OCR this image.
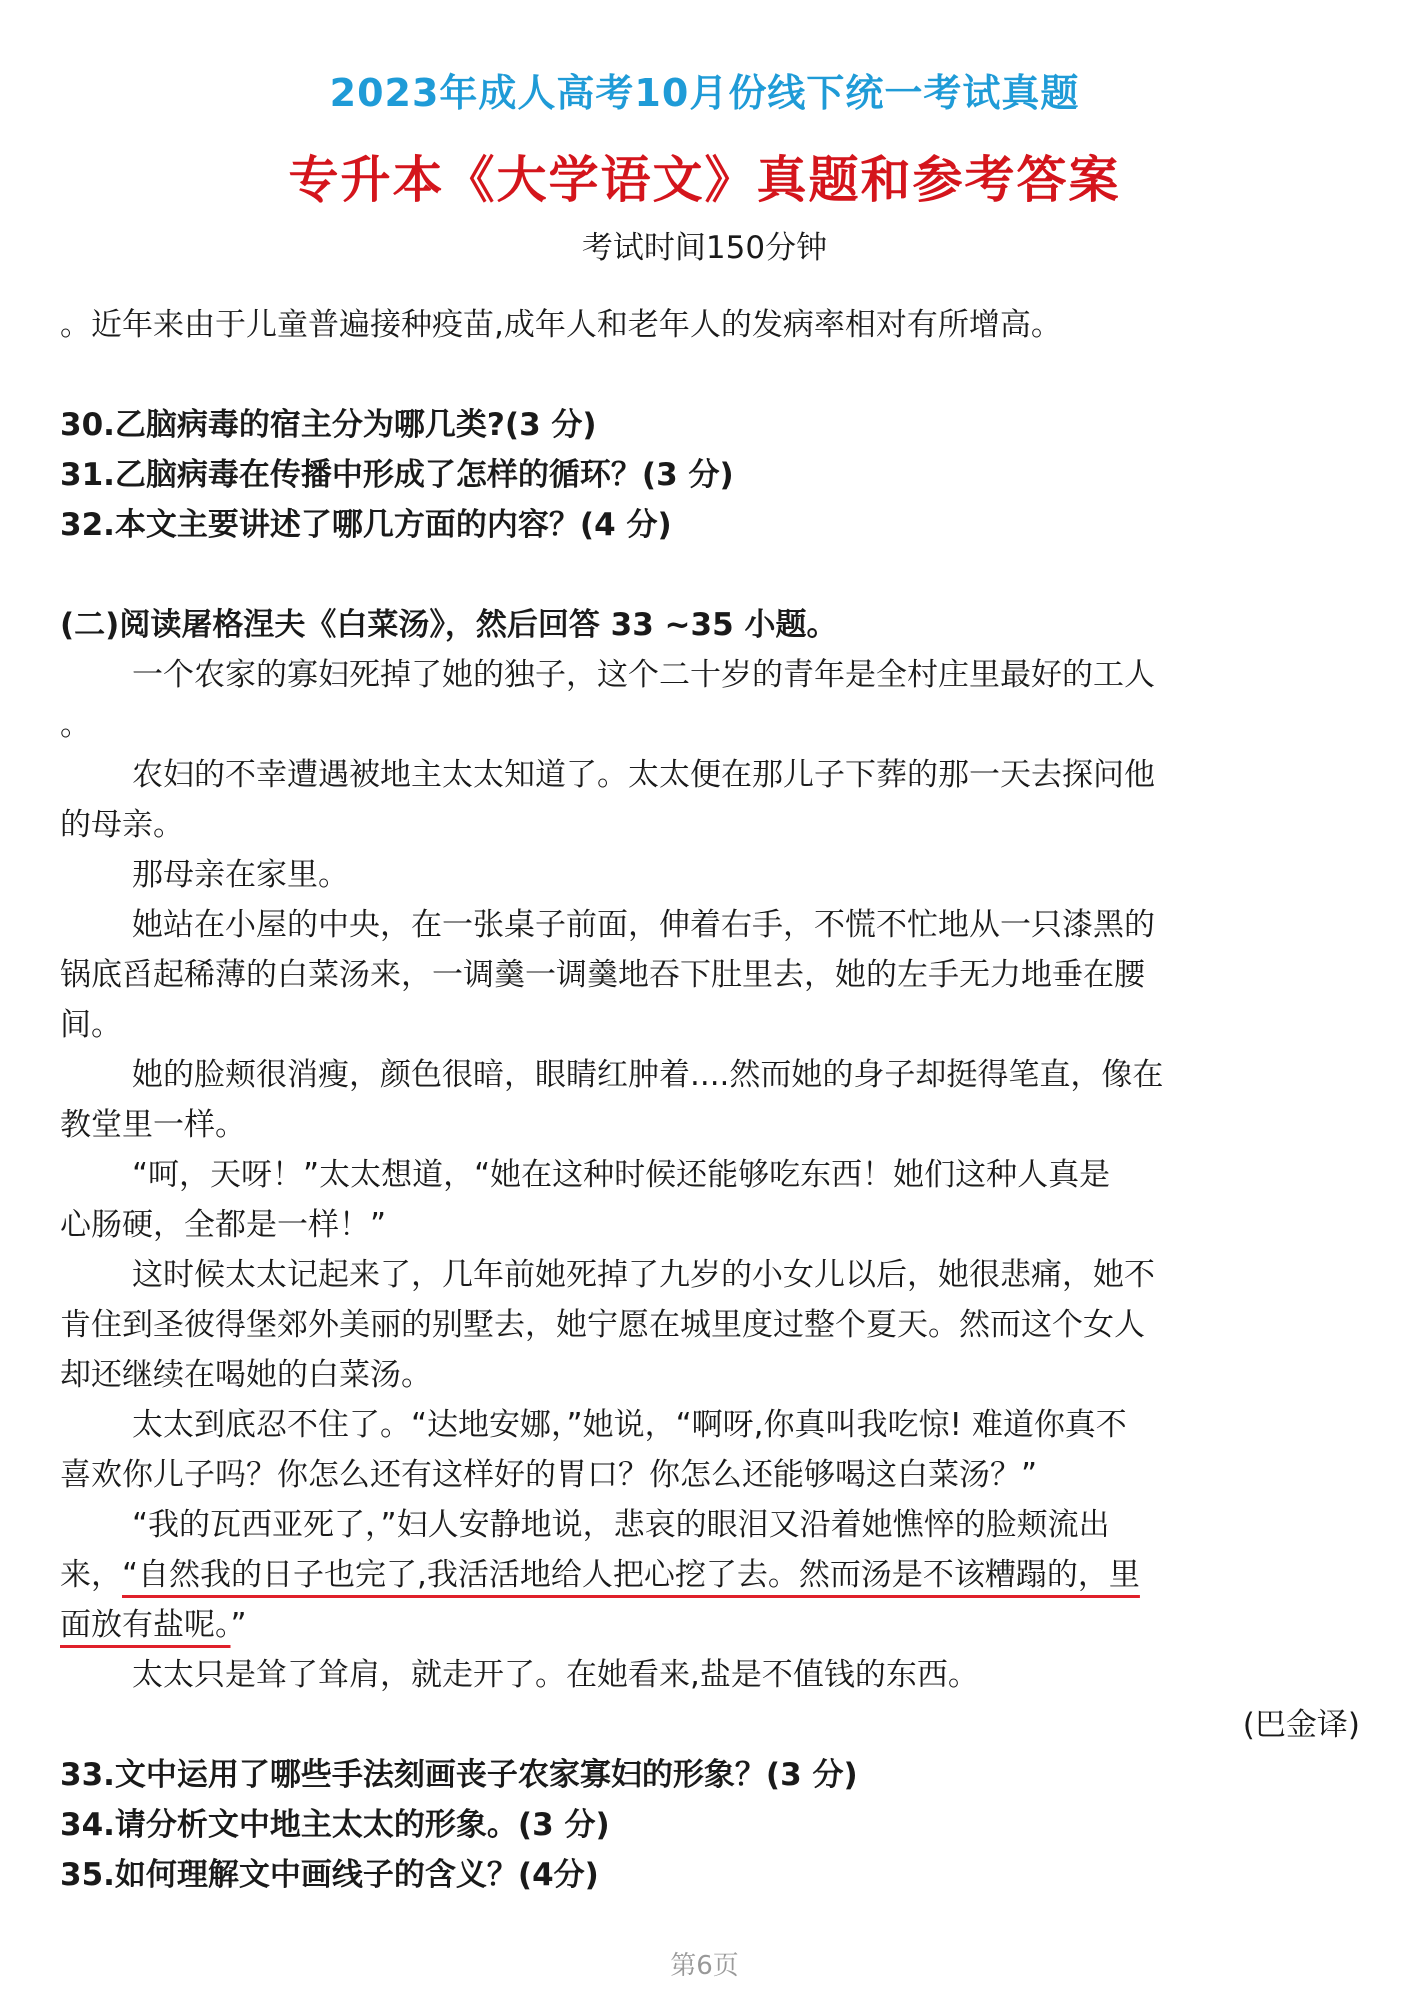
2023年成人高考10月份线下统一考试真题
专升本《大学语文》真题和参考答案
考试时间150分钟
。近年来由于儿童普遍接种疫苗,成年人和老年人的发病率相对有所增高。
30.乙脑病毒的宿主分为哪几类?(3 分)
31.乙脑病毒在传播中形成了怎样的循环？(3 分)
32.本文主要讲述了哪几方面的内容？(4 分)
(二)阅读屠格涅夫《白菜汤》，然后回答 33 ~35 小题。
一个农家的寡妇死掉了她的独子，这个二十岁的青年是全村庄里最好的工人
。
农妇的不幸遭遇被地主太太知道了。太太便在那儿子下葬的那一天去探问他
的母亲。
那母亲在家里。
她站在小屋的中央，在一张桌子前面，伸着右手，不慌不忙地从一只漆黑的
锅底舀起稀薄的白菜汤来，一调羹一调羹地吞下肚里去，她的左手无力地垂在腰
间。
她的脸颊很消瘦，颜色很暗，眼睛红肿着....然而她的身子却挺得笔直，像在
教堂里一样。
“呵，天呀！”太太想道，“她在这种时候还能够吃东西！她们这种人真是
心肠硬，全都是一样！”
这时候太太记起来了，几年前她死掉了九岁的小女儿以后，她很悲痛，她不
肯住到圣彼得堡郊外美丽的别墅去，她宁愿在城里度过整个夏天。然而这个女人
却还继续在喝她的白菜汤。
太太到底忍不住了。“达地安娜，”她说，“啊呀,你真叫我吃惊! 难道你真不
喜欢你儿子吗？你怎么还有这样好的胃口？你怎么还能够喝这白菜汤？”
“我的瓦西亚死了，”妇人安静地说，悲哀的眼泪又沿着她憔悴的脸颊流出
来，“自然我的日子也完了,我活活地给人把心挖了去。然而汤是不该糟蹋的，里
面放有盐呢。”
太太只是耸了耸肩，就走开了。在她看来,盐是不值钱的东西。
(巴金译)
33.文中运用了哪些手法刻画丧子农家寡妇的形象？(3 分)
34.请分析文中地主太太的形象。(3 分)
35.如何理解文中画线子的含义？(4分)
第6页
